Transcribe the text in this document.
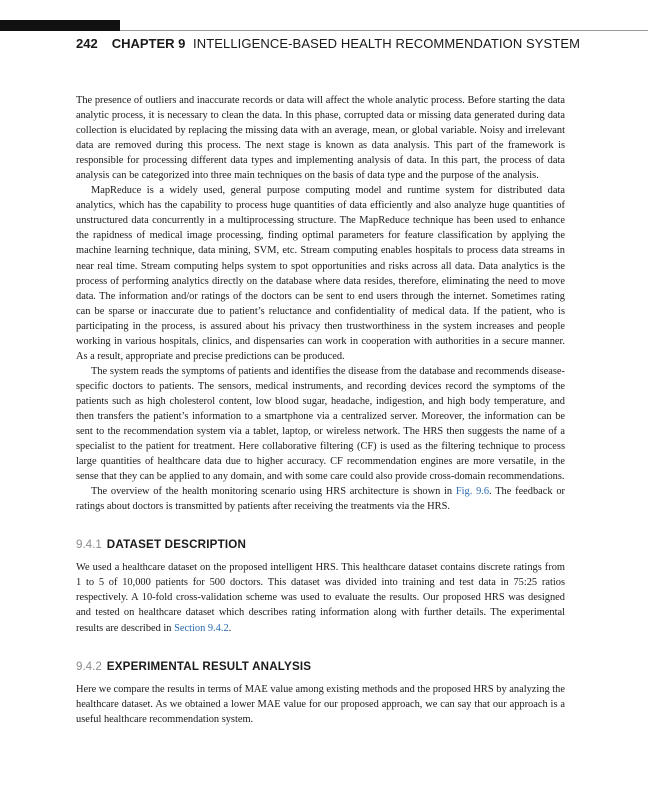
242 CHAPTER 9 INTELLIGENCE-BASED HEALTH RECOMMENDATION SYSTEM

The presence of outliers and inaccurate records or data will affect the whole analytic process. Before starting the data analytic process, it is necessary to clean the data. In this phase, corrupted data or missing data generated during data collection is elucidated by replacing the missing data with an average, mean, or global variable. Noisy and irrelevant data are removed during this process. The next stage is known as data analysis. This part of the framework is responsible for processing different data types and implementing analysis of data. In this part, the process of data analysis can be categorized into three main techniques on the basis of data type and the purpose of the analysis.

MapReduce is a widely used, general purpose computing model and runtime system for distributed data analytics, which has the capability to process huge quantities of data efficiently and also analyze huge quantities of unstructured data concurrently in a multiprocessing structure. The MapReduce technique has been used to enhance the rapidness of medical image processing, finding optimal parameters for feature classification by applying the machine learning technique, data mining, SVM, etc. Stream computing enables hospitals to process data streams in near real time. Stream computing helps system to spot opportunities and risks across all data. Data analytics is the process of performing analytics directly on the database where data resides, therefore, eliminating the need to move data. The information and/or ratings of the doctors can be sent to end users through the internet. Sometimes rating can be sparse or inaccurate due to patient’s reluctance and confidentiality of medical data. If the patient, who is participating in the process, is assured about his privacy then trustworthiness in the system increases and people working in various hospitals, clinics, and dispensaries can work in cooperation with authorities in a secure manner. As a result, appropriate and precise predictions can be produced.

The system reads the symptoms of patients and identifies the disease from the database and recommends disease-specific doctors to patients. The sensors, medical instruments, and recording devices record the symptoms of the patients such as high cholesterol content, low blood sugar, headache, indigestion, and high body temperature, and then transfers the patient’s information to a smartphone via a centralized server. Moreover, the information can be sent to the recommendation system via a tablet, laptop, or wireless network. The HRS then suggests the name of a specialist to the patient for treatment. Here collaborative filtering (CF) is used as the filtering technique to process large quantities of healthcare data due to higher accuracy. CF recommendation engines are more versatile, in the sense that they can be applied to any domain, and with some care could also provide cross-domain recommendations.

The overview of the health monitoring scenario using HRS architecture is shown in Fig. 9.6. The feedback or ratings about doctors is transmitted by patients after receiving the treatments via the HRS.

9.4.1 DATASET DESCRIPTION

We used a healthcare dataset on the proposed intelligent HRS. This healthcare dataset contains discrete ratings from 1 to 5 of 10,000 patients for 500 doctors. This dataset was divided into training and test data in 75:25 ratios respectively. A 10-fold cross-validation scheme was used to evaluate the results. Our proposed HRS was designed and tested on healthcare dataset which describes rating information along with further details. The experimental results are described in Section 9.4.2.

9.4.2 EXPERIMENTAL RESULT ANALYSIS

Here we compare the results in terms of MAE value among existing methods and the proposed HRS by analyzing the healthcare dataset. As we obtained a lower MAE value for our proposed approach, we can say that our approach is a useful healthcare recommendation system.
